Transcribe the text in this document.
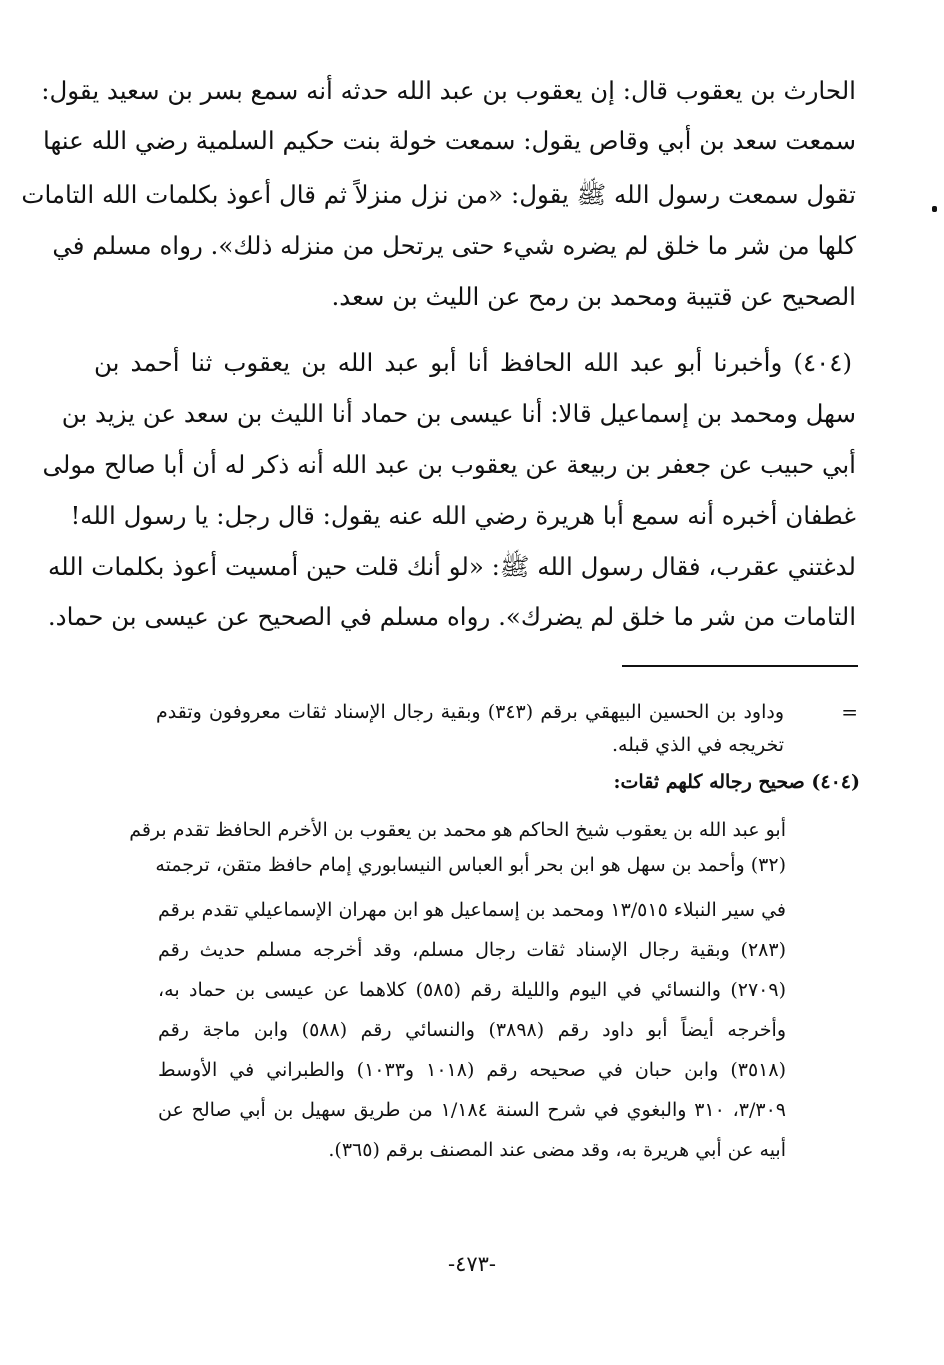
الحارث بن يعقوب قال: إن يعقوب بن عبد الله حدثه أنه سمع بسر بن سعيد يقول:
سمعت سعد بن أبي وقاص يقول: سمعت خولة بنت حكيم السلمية رضي الله عنها
تقول سمعت رسول الله ﷺ يقول: «من نزل منزلاً ثم قال أعوذ بكلمات الله التامات
كلها من شر ما خلق لم يضره شيء حتى يرتحل من منزله ذلك». رواه مسلم في
الصحيح عن قتيبة ومحمد بن رمح عن الليث بن سعد.
(٤٠٤) وأخبرنا أبو عبد الله الحافظ أنا أبو عبد الله بن يعقوب ثنا أحمد بن
سهل ومحمد بن إسماعيل قالا: أنا عيسى بن حماد أنا الليث بن سعد عن يزيد بن
أبي حبيب عن جعفر بن ربيعة عن يعقوب بن عبد الله أنه ذكر له أن أبا صالح مولى
غطفان أخبره أنه سمع أبا هريرة رضي الله عنه يقول: قال رجل: يا رسول الله!
لدغتني عقرب، فقال رسول الله ﷺ: «لو أنك قلت حين أمسيت أعوذ بكلمات الله
التامات من شر ما خلق لم يضرك». رواه مسلم في الصحيح عن عيسى بن حماد.
=
وداود بن الحسين البيهقي برقم (٣٤٣) وبقية رجال الإسناد ثقات معروفون وتقدم
تخريجه في الذي قبله.
(٤٠٤) صحيح رجاله كلهم ثقات:
أبو عبد الله بن يعقوب شيخ الحاكم هو محمد بن يعقوب بن الأخرم الحافظ تقدم برقم
(٣٢) وأحمد بن سهل هو ابن بحر أبو العباس النيسابوري إمام حافظ متقن، ترجمته
في سير النبلاء ١٣/٥١٥ ومحمد بن إسماعيل هو ابن مهران الإسماعيلي تقدم برقم
(٢٨٣) وبقية رجال الإسناد ثقات رجال مسلم، وقد أخرجه مسلم حديث رقم
(٢٧٠٩) والنسائي في اليوم والليلة رقم (٥٨٥) كلاهما عن عيسى بن حماد به،
وأخرجه أيضاً أبو داود رقم (٣٨٩٨) والنسائي رقم (٥٨٨) وابن ماجة رقم
(٣٥١٨) وابن حبان في صحيحه رقم (١٠١٨ و١٠٣٣) والطبراني في الأوسط
٣/٣٠٩، ٣١٠ والبغوي في شرح السنة ١/١٨٤ من طريق سهيل بن أبي صالح عن
أبيه عن أبي هريرة به، وقد مضى عند المصنف برقم (٣٦٥).
-٤٧٣-
